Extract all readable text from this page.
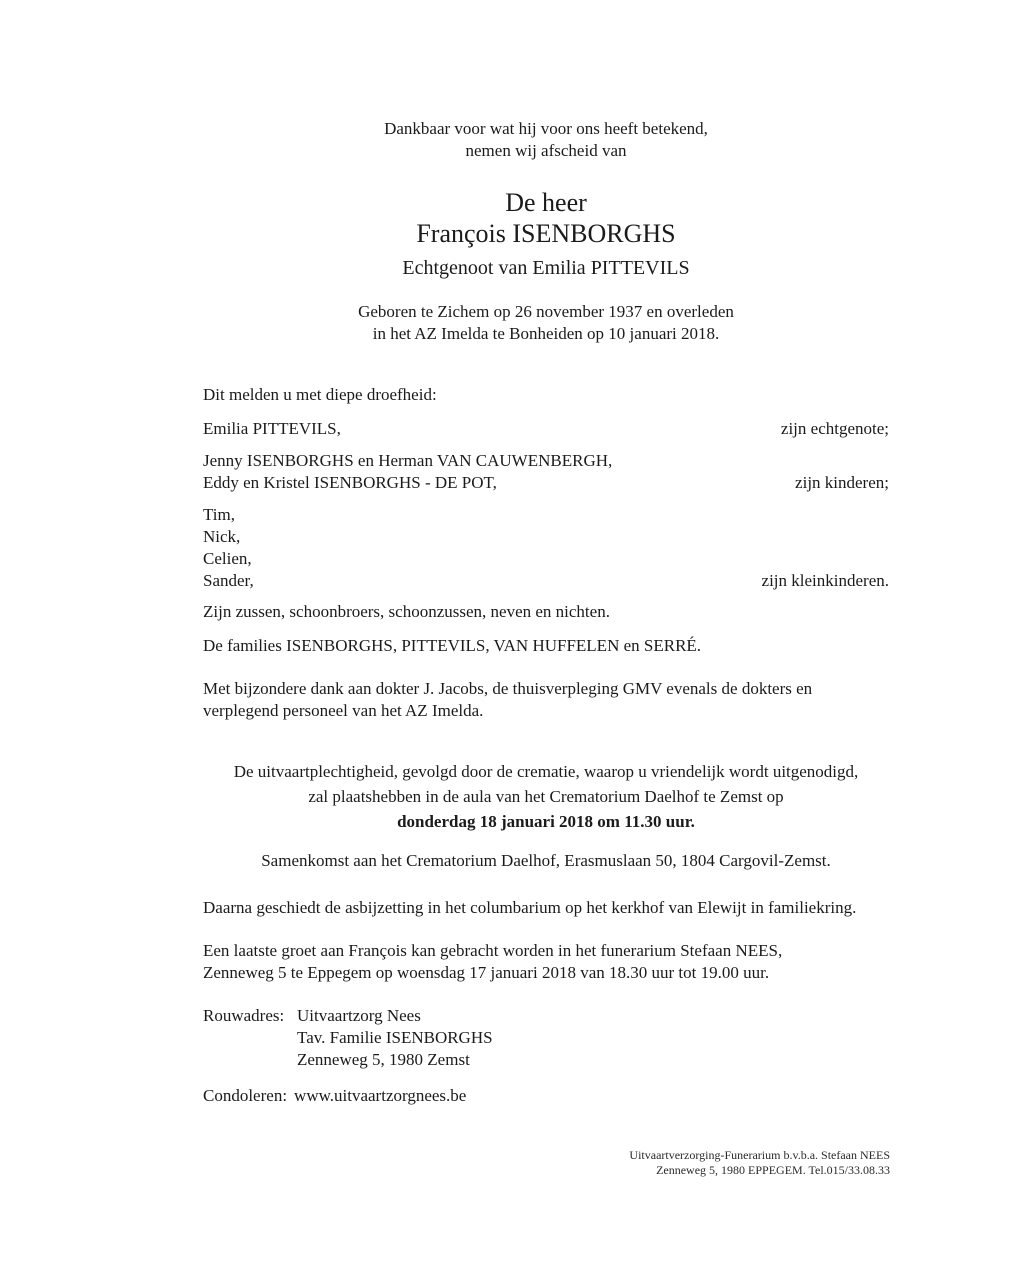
Dankbaar voor wat hij voor ons heeft betekend,
nemen wij afscheid van
De heer
François ISENBORGHS
Echtgenoot van Emilia PITTEVILS
Geboren te Zichem op 26 november 1937 en overleden
in het AZ Imelda te Bonheiden op 10 januari 2018.
Dit melden u met diepe droefheid:
Emilia PITTEVILS,	zijn echtgenote;
Jenny ISENBORGHS en Herman VAN CAUWENBERGH,
Eddy en Kristel ISENBORGHS - DE POT,	zijn kinderen;
Tim,
Nick,
Celien,
Sander,	zijn kleinkinderen.
Zijn zussen, schoonbroers, schoonzussen, neven en nichten.
De families ISENBORGHS, PITTEVILS, VAN HUFFELEN en SERRÉ.
Met bijzondere dank aan dokter J. Jacobs, de thuisverpleging GMV evenals de dokters en verplegend personeel van het AZ Imelda.
De uitvaartplechtigheid, gevolgd door de crematie, waarop u vriendelijk wordt uitgenodigd,
zal plaatshebben in de aula van het Crematorium Daelhof te Zemst op
donderdag 18 januari 2018 om 11.30 uur.
Samenkomst aan het Crematorium Daelhof, Erasmuslaan 50, 1804 Cargovil-Zemst.
Daarna geschiedt de asbijzetting in het columbarium op het kerkhof van Elewijt in familiekring.
Een laatste groet aan François kan gebracht worden in het funerarium Stefaan NEES,
Zenneweg 5 te Eppegem op woensdag 17 januari 2018 van 18.30 uur tot 19.00 uur.
Rouwadres: Uitvaartzorg Nees
Tav. Familie ISENBORGHS
Zenneweg 5, 1980 Zemst
Condoleren: www.uitvaartzorgnees.be
Uitvaartverzorging-Funerarium b.v.b.a. Stefaan NEES
Zenneweg 5, 1980 EPPEGEM. Tel.015/33.08.33
